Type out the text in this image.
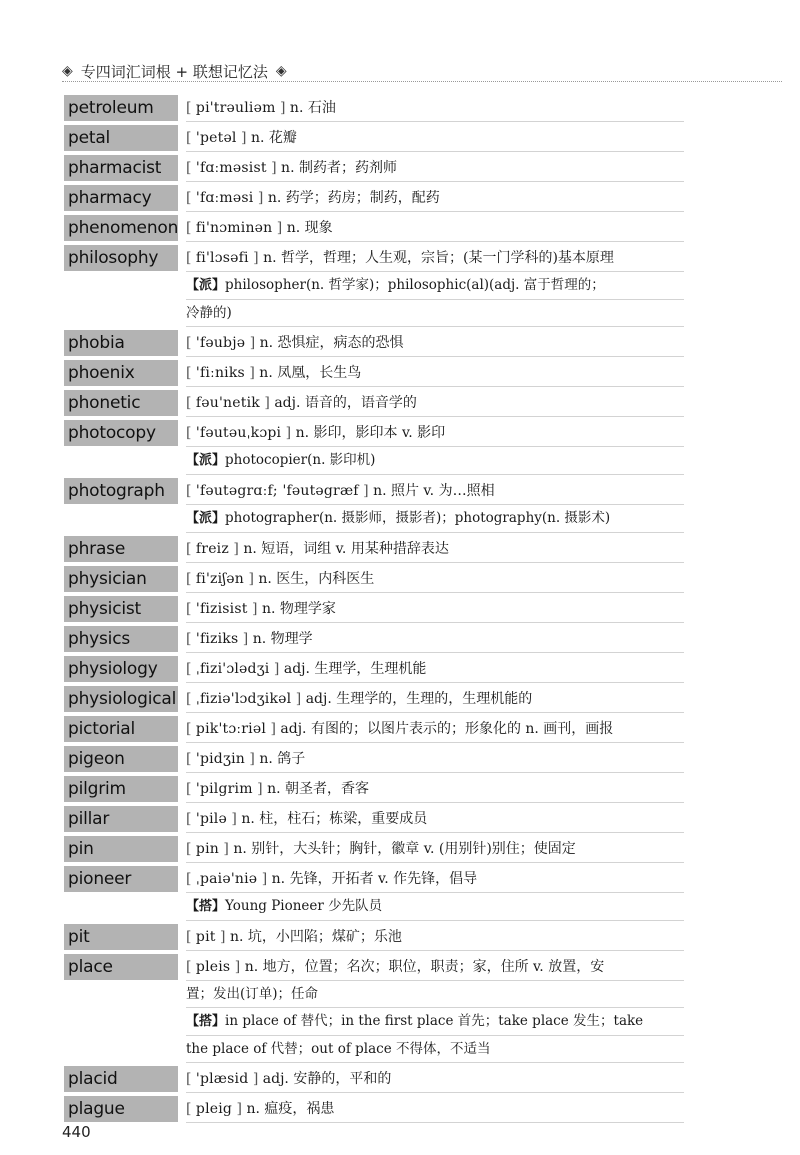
◈ 专四词汇词根 + 联想记忆法 ◈
petroleum	[ pi'trəuliəm ] n. 石油
petal	[ 'petəl ] n. 花瓣
pharmacist	[ 'fɑːməsist ] n. 制药者；药剂师
pharmacy	[ 'fɑːməsi ] n. 药学；药房；制药，配药
phenomenon [ fi'nɔminən ] n. 现象
philosophy	[ fi'lɔsəfi ] n. 哲学，哲理；人生观，宗旨；(某一门学科的)基本原理
【派】philosopher(n. 哲学家)；philosophic(al)(adj. 富于哲理的；
冷静的)
phobia	[ 'fəubjə ] n. 恐惧症，病态的恐惧
phoenix	[ 'fiːniks ] n. 凤凰，长生鸟
phonetic	[ fəu'netik ] adj. 语音的，语音学的
photocopy	[ 'fəutəuˌkɔpi ] n. 影印，影印本 v. 影印
【派】photocopier(n. 影印机)
photograph	[ 'fəutəgrɑːf; 'fəutəgræf ] n. 照片 v. 为…照相
【派】photographer(n. 摄影师，摄影者)；photography(n. 摄影术)
phrase	[ freiz ] n. 短语，词组 v. 用某种措辞表达
physician	[ fi'ziʃən ] n. 医生，内科医生
physicist	[ 'fizisist ] n. 物理学家
physics	[ 'fiziks ] n. 物理学
physiology	[ ˌfizi'ɔlədʒi ] adj. 生理学，生理机能
physiological [ ˌfiziə'lɔdʒikəl ] adj. 生理学的，生理的，生理机能的
pictorial	[ pik'tɔːriəl ] adj. 有图的；以图片表示的；形象化的 n. 画刊，画报
pigeon	[ 'pidʒin ] n. 鸽子
pilgrim	[ 'pilgrim ] n. 朝圣者，香客
pillar	[ 'pilə ] n. 柱，柱石；栋梁，重要成员
pin	[ pin ] n. 别针，大头针；胸针，徽章 v. (用别针)别住；使固定
pioneer	[ ˌpaiə'niə ] n. 先锋，开拓者 v. 作先锋，倡导
【搭】Young Pioneer 少先队员
pit	[ pit ] n. 坑，小凹陷；煤矿；乐池
place	[ pleis ] n. 地方，位置；名次；职位，职责；家，住所 v. 放置，安
置；发出(订单)；任命
【搭】in place of 替代；in the first place 首先；take place 发生；take
the place of 代替；out of place 不得体，不适当
placid	[ 'plæsid ] adj. 安静的，平和的
plague	[ pleig ] n. 瘟疫，祸患
440
